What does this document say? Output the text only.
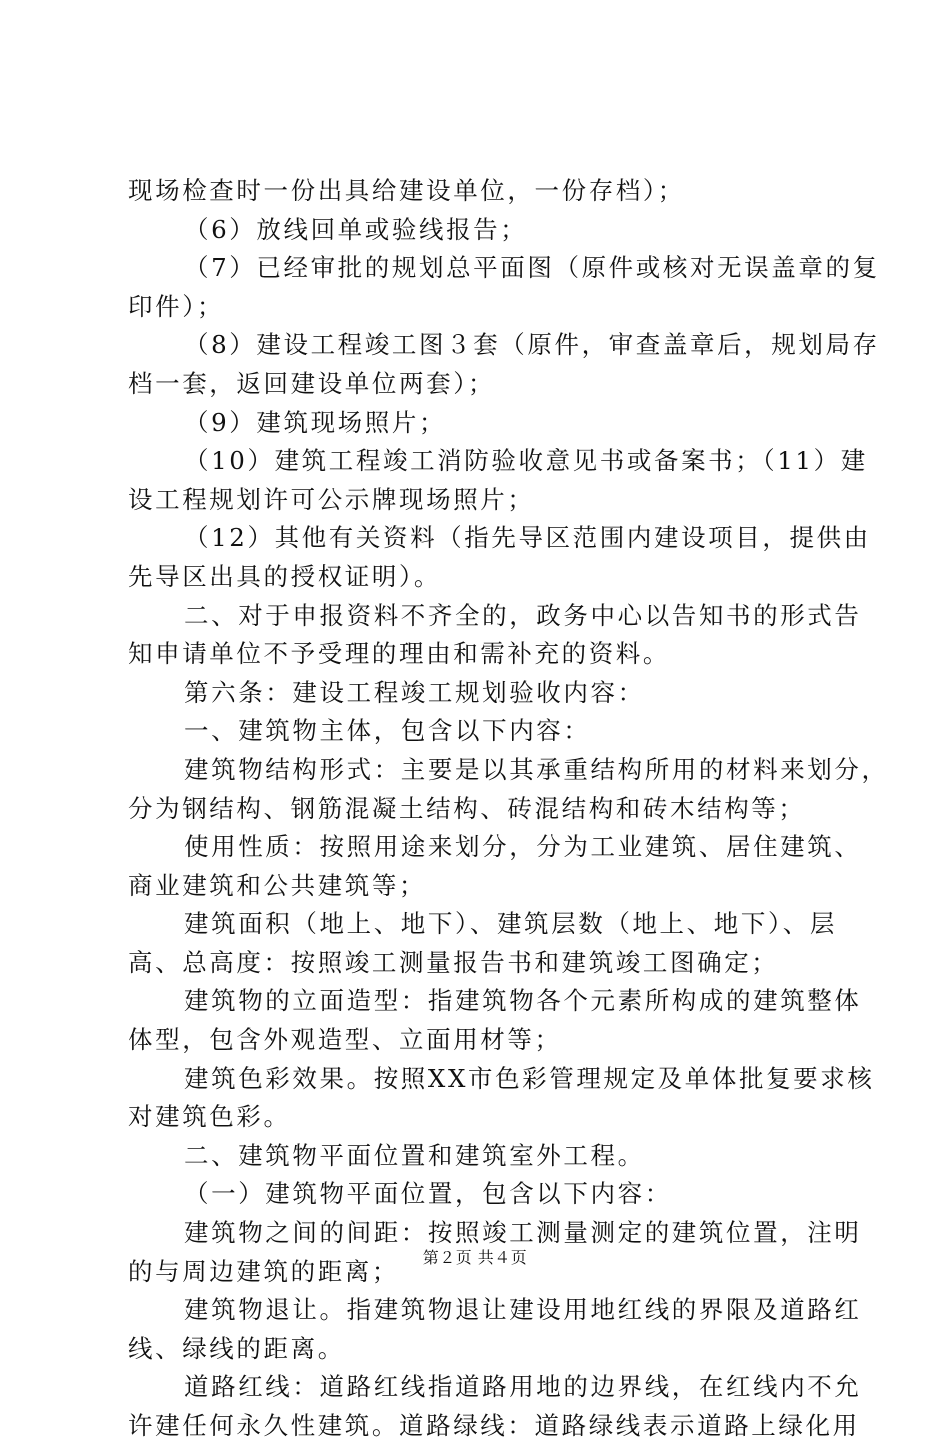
现场检查时一份出具给建设单位，一份存档）；
（6）放线回单或验线报告；
（7）已经审批的规划总平面图（原件或核对无误盖章的复
印件）；
（8）建设工程竣工图３套（原件，审查盖章后，规划局存
档一套，返回建设单位两套）；
（9）建筑现场照片；
（10）建筑工程竣工消防验收意见书或备案书；（11）建
设工程规划许可公示牌现场照片；
（12）其他有关资料（指先导区范围内建设项目，提供由
先导区出具的授权证明）。
二、对于申报资料不齐全的，政务中心以告知书的形式告
知申请单位不予受理的理由和需补充的资料。
第六条：建设工程竣工规划验收内容：
一、建筑物主体，包含以下内容：
建筑物结构形式：主要是以其承重结构所用的材料来划分，
分为钢结构、钢筋混凝土结构、砖混结构和砖木结构等；
使用性质：按照用途来划分，分为工业建筑、居住建筑、
商业建筑和公共建筑等；
建筑面积（地上、地下）、建筑层数（地上、地下）、层
高、总高度：按照竣工测量报告书和建筑竣工图确定；
建筑物的立面造型：指建筑物各个元素所构成的建筑整体
体型，包含外观造型、立面用材等；
建筑色彩效果。按照XX市色彩管理规定及单体批复要求核
对建筑色彩。
二、建筑物平面位置和建筑室外工程。
（一）建筑物平面位置，包含以下内容：
建筑物之间的间距：按照竣工测量测定的建筑位置，注明
的与周边建筑的距离；
建筑物退让。指建筑物退让建设用地红线的界限及道路红
线、绿线的距离。
道路红线：道路红线指道路用地的边界线，在红线内不允
许建任何永久性建筑。道路绿线：道路绿线表示道路上绿化用
第２页 共４页
